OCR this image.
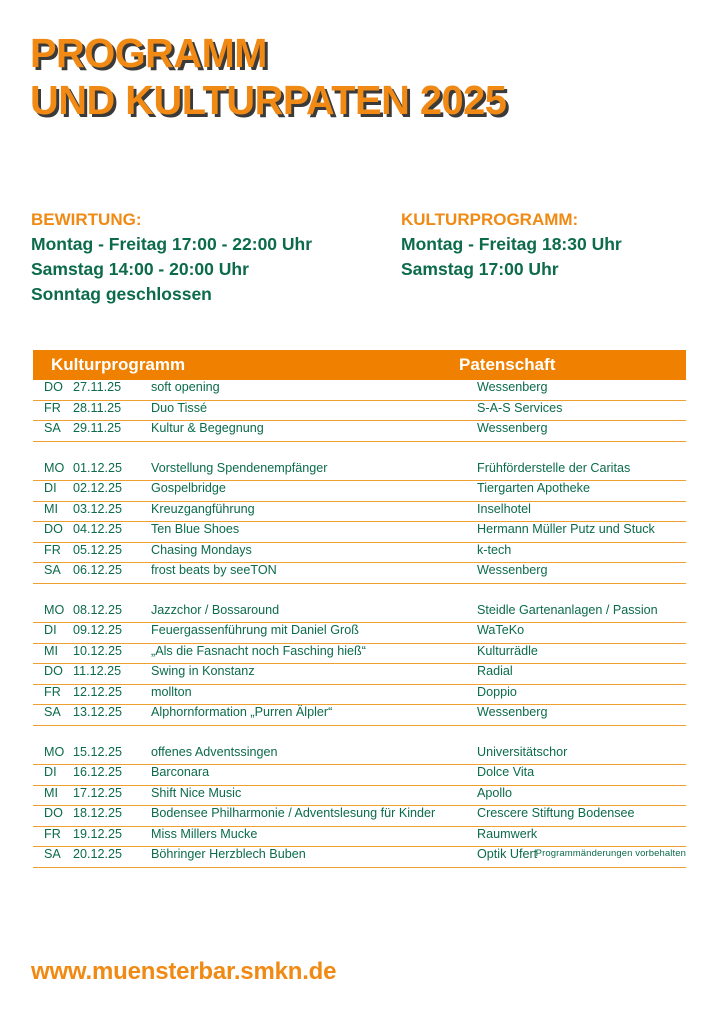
PROGRAMM
UND KULTURPATEN 2025
BEWIRTUNG:
Montag - Freitag 17:00 - 22:00 Uhr
Samstag 14:00 - 20:00 Uhr
Sonntag geschlossen
KULTURPROGRAMM:
Montag - Freitag 18:30 Uhr
Samstag 17:00 Uhr
Kulturprogramm	Patenschaft
DO 27.11.25	soft opening	Wessenberg
FR 28.11.25	Duo Tissé	S-A-S Services
SA 29.11.25	Kultur & Begegnung	Wessenberg
MO 01.12.25	Vorstellung Spendenempfänger	Frühförderstelle der Caritas
DI	02.12.25	Gospelbridge	Tiergarten Apotheke
MI	03.12.25	Kreuzgangführung	Inselhotel
DO 04.12.25	Ten Blue Shoes	Hermann Müller Putz und Stuck
FR 05.12.25	Chasing Mondays	k-tech
SA 06.12.25	frost beats by seeTON	Wessenberg
MO 08.12.25	Jazzchor / Bossaround	Steidle Gartenanlagen / Passion
DI	09.12.25	Feuergassenführung mit Daniel Groß	WaTeKo
MI	10.12.25	„Als die Fasnacht noch Fasching hieß“	Kulturrädle
DO 11.12.25	Swing in Konstanz	Radial
FR 12.12.25	mollton	Doppio
SA 13.12.25	Alphornformation „Purren Älpler“	Wessenberg
MO 15.12.25	offenes Adventssingen	Universitätschor
DI	16.12.25	Barconara	Dolce Vita
MI	17.12.25	Shift Nice Music	Apollo
DO 18.12.25	Bodensee Philharmonie / Adventslesung für Kinder	Crescere Stiftung Bodensee
FR 19.12.25	Miss Millers Mucke	Raumwerk
SA 20.12.25	Böhringer Herzblech Buben	Optik Ufert
Programmänderungen vorbehalten
www.muensterbar.smkn.de
